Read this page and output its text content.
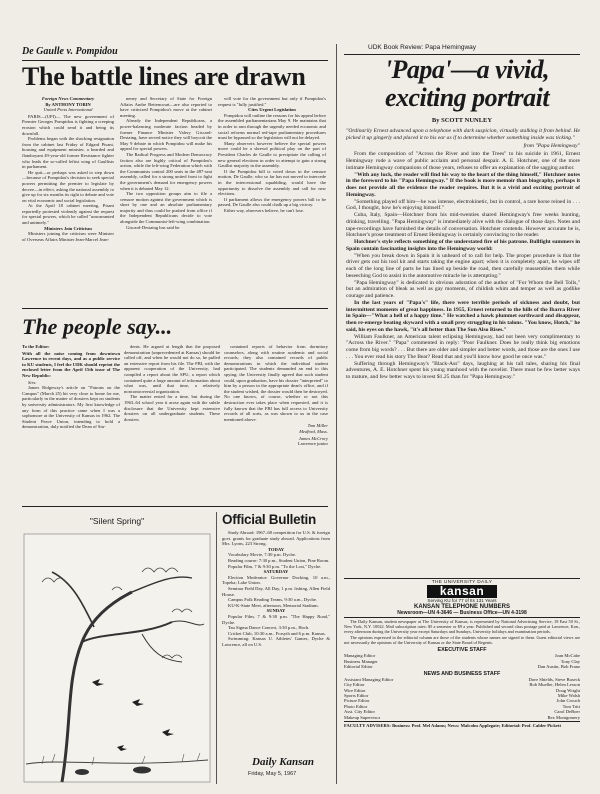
De Gaulle v. Pompidou
The battle lines are drawn
Foreign News Commentary
By ANTHONY TOBIN
United Press International

PARIS—(UPI)— The new government of Premier Georges Pompidou is fighting a creeping erosion which could send it and being its downfall.

Problems began with the shocking resignation from the cabinet last Friday of Edgard Pisani, housing and equipment minister, a bearded and flamboyant 49-year-old former Resistance fighter who leads the so-called leftist wing of Gaullists in parliament.

He quit—or perhaps was asked to step down—because of Pompidou's decision to seek special powers permitting the premier to legislate by decree—in effect, asking the national assembly to give up for six months its right to debate and vote on vital economic and social legislation.

At the April 18 cabinet meeting, Pisani reportedly protested violently against the request for special powers, which he called "unwarranted and untimely."

Ministers Join Criticism

Ministers joining the criticism were Minister of Overseas Affairs Minister Jean-Marcel Jean-

neney and Secretary of State for Foreign Affairs Andre Bettencourt—are also reported to have criticized Pompidou's move at the cabinet meeting.

Already the Independent Republicans, a power-balancing moderate faction headed by former Finance Minister Valery Giscard-Destaing, have served notice they will boycott the May 9 debate in which Pompidou will make his appeal for special powers.

The Radical Progress and Modern Democracy faction also are highly critical of Pompidou's action, while the left-wing Federation which with the Communists control 200 seats in the 487-seat assembly, called for a strong united front to fight the government's demand for emergency powers when it is debated May 12.

The two opposition groups aim to file a censure motion against the government which is short by one and an absolute parliamentary majority and thus could be pushed from office if the Independent Republicans decide to vote alongside the Communist-left-wing combination.

Giscard-Destaing has said he

will vote for the government but only if Pompidou's request is "fully justified."

Cites Urgent Legislation

Pompidou will outline the reasons for his appeal before the assembled parliamentarians May 9. He maintains that in order to ram through the urgently needed economic and social reforms normal red-tape parliamentary procedures must be bypassed so the legislation will not be delayed.

Many observers however believe the special powers move could be a shrewd political play on the part of President Charles de Gaulle to precipitate the calling of new general elections in order to attempt to gain a strong Gaullist majority in the assembly.

If the Pompidou bill is voted down in the censure motion, De Gaulle, who so far has not moved to intercede in the intercessional squabbling, would have the opportunity to dissolve the assembly and call for new elections.

If parliament allows the emergency powers bill to be passed, De Gaulle also could chalk up a big victory.

Either way, observers believe, he can't lose.

The people say...
To the Editor:
With all the noise coming from downtown Lawrence in recent days, and as a public service to KU students, I feel the UDK should reprint the enclosed letter from the April 15th issue of The New Republic:
Sirs:

James Ridgeway's article on "Patrons on the Campus" (March 25) hit very close to home for me, particularly in the matter of dossiers kept on students by university administrators. My first knowledge of any form of this practice came when I was a sophomore at the University of Kansas in 1962. The Student Peace Union, intending to hold a demonstration, duly notified the Dean of Stu-

dents. He argued at length that the proposed demonstration (unprecedented at Kansas) should be called off, and when he would not do so, he pulled an extensive report from his file. The FBI, with the apparent cooperation of the University, had compiled a report about the SPU; a report which contained quite a large amount of information about what was, until that time, a relatively noncontroversial organization.

The matter rested for a time, but during the 1963–64 school year it arose again with the subtle disclosure that the University kept extensive dossiers on all undergraduate students. These dossiers

contained reports of behavior from dormitory counselors, along with routine academic and social records; they also contained records of public demonstrations in which the individual student participated. The students demanded an end to this spying; the University finally agreed that such student could, upon graduation, have his dossier "interpreted" to him by a person in the appropriate dean's office, and if the student wished, the dossier would then be destroyed. No one knows, of course, whether or not this destruction ever takes place when requested, and it is fully known that the FBI has full access to University records of all sorts, as was shown to us in the case mentioned above.

Tom Miller
Medford, Mass.
James McCrory
Lawrence junior
"Silent Spring"	Official Bulletin

Study Abroad: 1967–68 competition for U.S. & foreign govt. grants for graduate study abroad. Applications from Mrs. Lyons, 223 Strong.

TODAY

Vocabulary Movie, 7:30 p.m. Dyche.

Reading course: 7:30 p.m., Student Union, Pine Room.

Popular Film, 7 & 9:30 p.m. "To the Lost," Dyche.

SATURDAY

Election Moderator: Governor Docking, 10 a.m., Topeka; Lake Union.

Seminar Field Day, All Day, 1 p.m. fishing, Allen Field House.

Campus Folk Reading Teams, 9:30 a.m., Dyche.

KU-K-State Meet, afternoon, Memorial Stadium.

SUNDAY

Popular Film, 7 & 9:30 p.m. "The Happy Road," Dyche.

Tau Sigma Dance Concert, 3:30 p.m., Hoch.

Cricket Club, 10:30 a.m., Forsyth and 6 p.m. Kansas.

Swimming: Kansas U. Athletes' Games, Dyche & Lawrence, all on U.S.

Daily Kansan
Friday, May 5, 1967
UDK Book Review: Papa Hemingway
'Papa'—a vivid,
exciting portrait
By SCOTT NUNLEY
"Ordinarily Ernest advanced upon a telephone with dark suspicion, virtually stalking it from behind. He picked it up gingerly and placed it to his ear as if to determine whether something inside was ticking."
from "Papa Hemingway"

From the composition of "Across the River and into the Trees" to his suicide in 1961, Ernest Hemingway rode a wave of public acclaim and personal despair. A. E. Hotchner, one of the more intimate Hemingway companions of those years, refuses to offer an explanation of the sagging author.

"With any luck, the reader will find his way to the heart of the thing himself," Hotchner notes in the foreword to his "Papa Hemingway." If the book is more memoir than biography, perhaps it does not provide all the evidence the reader requires. But it is a vivid and exciting portrait of Hemingway.

"Something played off him—he was intense, electrokinetic, but in control, a rare horse reined in . . . God, I thought, how he's enjoying himself."

Cuba, Italy, Spain—Hotchner from his mid-twenties shared Hemingway's free weeks hunting, drinking, travelling. "Papa Hemingway" is immediately alive with the dialogue of those days. Notes and tape-recordings have furnished the details of conversation. Hotchner contends. However accurate he is, Hotchner's prose treatment of Ernest Hemingway is certainly convincing to the reader.

Hotchner's style reflects something of the understated fire of his patrone. Bullfight summers in Spain contain fascinating insights into the Hemingway world:

"When you break down in Spain it is unheard of to call for help. The proper procedure is that the driver gets out his tool kit and starts taking the engine apart; when it is completely apart, he wipes off each of the long line of parts he has lined up beside the road, then carefully reassembles them while beseeching God to assist in the automotive miracle he is attempting."

"Papa Hemingway" is dedicated in obvious adoration of the author of "For Whom the Bell Tolls," but an admiration of bleak as well as gay moments, of childish whim and temper as well as godlike courage and patience.

In the last years of "Papa's" life, there were terrible periods of sickness and doubt, but intermittent moments of great happiness. In 1955, Ernest returned to the hills of the Ibarra River in Spain—"What a hell of a happy time." He watched a hawk plummet earthward and disappear, then re-emerge beating skyward with a small prey struggling in his talons. "You know, Hotch," he said, his eyes on the hawk, "it's all better than The Sun Also Rises."

William Faulkner, an American talent eclipsing Hemingway, had not been very complimentary to "Across the River." "Papa" commented in reply: "Poor Faulkner. Does he really think big emotions come from big words? . . . But there are older and simpler and better words, and those are the ones I use . . . You ever read his story The Bear? Read that and you'll know how good he once was."

Suffering through Hemingway's "Black-Ass" days, laughing at his tall tales, sharing his final adventures, A. E. Hotchner spent his young manhood with the novelist. There must be few better ways to mature, and few better ways to invest $1.25 than for "Papa Hemingway."

THE UNIVERSITY DAILY
kansan
Serving KU for 77 of Its 131 Years
KANSAN TELEPHONE NUMBERS
Newsroom—UN 4-3646 — Business Office—UN 4-3198

The Daily Kansan, student newspaper at The University of Kansas, is represented by National Advertising Service, 18 East 50 St., New York, N.Y. 10022. Mail subscription rates: $5 a semester or $9 a year. Published and second class postage paid at Lawrence, Kan., every afternoon during the University year except Saturdays and Sundays, University holidays and examination periods.

The opinions expressed in the editorial column are those of the students whose names are signed to them. Guest editorial views are not necessarily the opinions of the University of Kansas or the State Board of Regents.

EXECUTIVE STAFF
Managing Editor	Joan McCabe
Business Manager	Tony Clay
Editorial Editor	Dan Austin, Bob Franz
NEWS AND BUSINESS STAFF
Assistant Managing Editor	Dave Shields, Steve Buseck
City Editor	Bob Mueller, Helen Lesson
Wire Editor	Doug Wright
Sports Editor	Mike Walsh
Picture Editor	John Crouch
Photo Editor	Tom Tritt
Asst. City Editor	Carol DeBoer
Makeup Supervisor	Rex Montgomery
FACULTY ADVISERS: Business: Prof. Mel Adams; News: Malcolm Applegate; Editorial: Prof. Calder Pickett
